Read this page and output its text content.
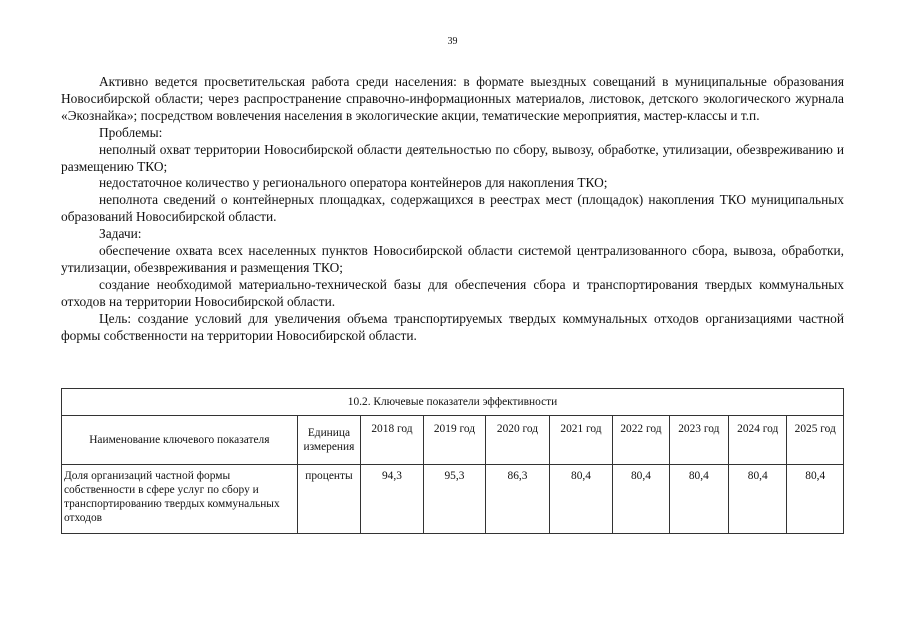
39

Активно ведется просветительская работа среди населения: в формате выездных совещаний в муниципальные образования Новосибирской области; через распространение справочно-информационных материалов, листовок, детского экологического журнала «Экознайка»; посредством вовлечения населения в экологические акции, тематические мероприятия, мастер-классы и т.п.

Проблемы:

неполный охват территории Новосибирской области деятельностью по сбору, вывозу, обработке, утилизации, обезвреживанию и размещению ТКО;

недостаточное количество у регионального оператора контейнеров для накопления ТКО;

неполнота сведений о контейнерных площадках, содержащихся в реестрах мест (площадок) накопления ТКО муниципальных образований Новосибирской области.

Задачи:

обеспечение охвата всех населенных пунктов Новосибирской области системой централизованного сбора, вывоза, обработки, утилизации, обезвреживания и размещения ТКО;

создание необходимой материально-технической базы для обеспечения сбора и транспортирования твердых коммунальных отходов на территории Новосибирской области.

Цель: создание условий для увеличения объема транспортируемых твердых коммунальных отходов организациями частной формы собственности на территории Новосибирской области.

10.2. Ключевые показатели эффективности									
Наименование ключевого показателя	Единица измерения	2018 год	2019 год	2020 год	2021 год	2022 год	2023 год	2024 год	2025 год
Доля организаций частной формы собственности в сфере услуг по сбору и транспортированию твердых коммунальных отходов	проценты	94,3	95,3	86,3	80,4	80,4	80,4	80,4	80,4
